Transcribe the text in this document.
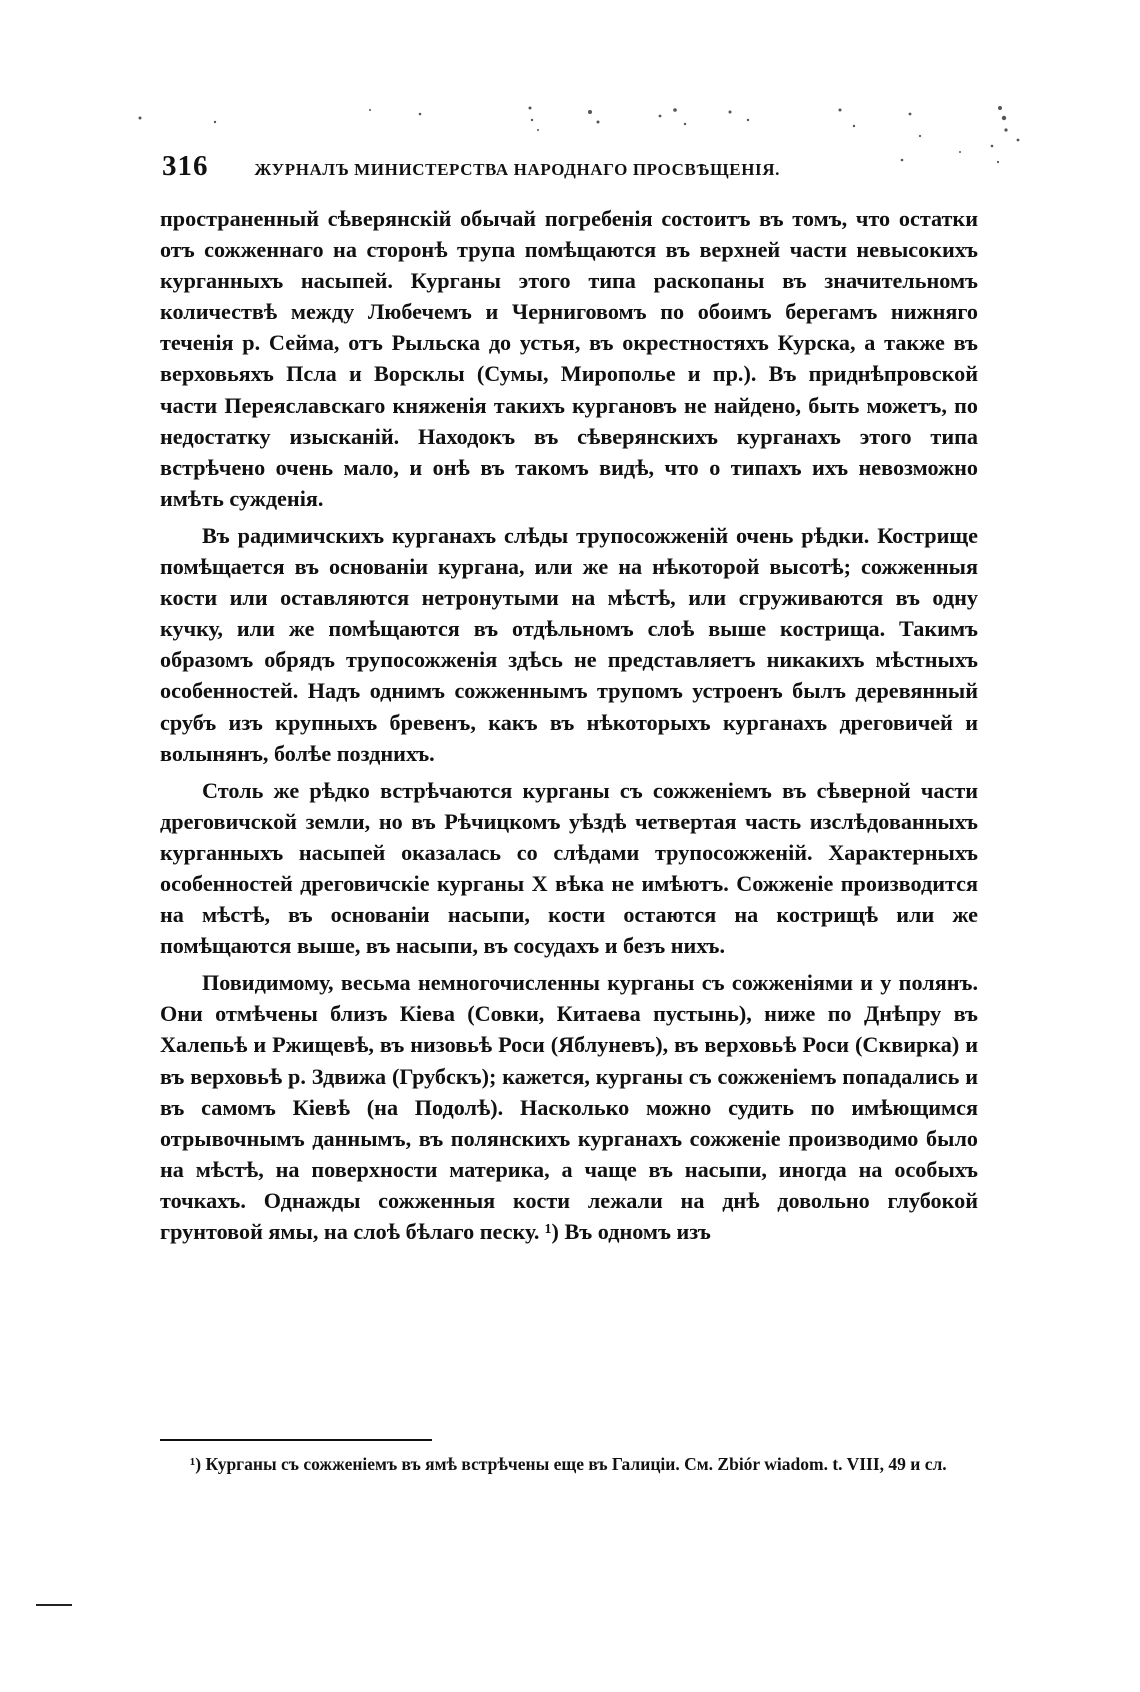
316	ЖУРНАЛЪ МИНИСТЕРСТВА НАРОДНАГО ПРОСВѢЩЕНІЯ.

пространенный сѣверянскій обычай погребенія состоитъ въ томъ, что остатки отъ сожженнаго на сторонѣ трупа помѣщаются въ верхней части невысокихъ курганныхъ насыпей. Курганы этого типа раскопаны въ значительномъ количествѣ между Любечемъ и Черниговомъ по обоимъ берегамъ нижняго теченія р. Сейма, отъ Рыльска до устья, въ окрестностяхъ Курска, а также въ верховьяхъ Псла и Ворсклы (Сумы, Мирополье и пр.). Въ приднѣпровской части Переяславскаго княженія такихъ кургановъ не найдено, быть можетъ, по недостатку изысканій. Находокъ въ сѣверянскихъ курганахъ этого типа встрѣчено очень мало, и онѣ въ такомъ видѣ, что о типахъ ихъ невозможно имѣть сужденія.

Въ радимичскихъ курганахъ слѣды трупосожженій очень рѣдки. Кострище помѣщается въ основаніи кургана, или же на нѣкоторой высотѣ; сожженныя кости или оставляются нетронутыми на мѣстѣ, или сгруживаются въ одну кучку, или же помѣщаются въ отдѣльномъ слоѣ выше кострища. Такимъ образомъ обрядъ трупосожженія здѣсь не представляетъ никакихъ мѣстныхъ особенностей. Надъ однимъ сожженнымъ трупомъ устроенъ былъ деревянный срубъ изъ крупныхъ бревенъ, какъ въ нѣкоторыхъ курганахъ дреговичей и волынянъ, болѣе позднихъ.

Столь же рѣдко встрѣчаются курганы съ сожженіемъ въ сѣверной части дреговичской земли, но въ Рѣчицкомъ уѣздѣ четвертая часть изслѣдованныхъ курганныхъ насыпей оказалась со слѣдами трупосожженій. Характерныхъ особенностей дреговичскіе курганы X вѣка не имѣютъ. Сожженіе производится на мѣстѣ, въ основаніи насыпи, кости остаются на кострищѣ или же помѣщаются выше, въ насыпи, въ сосудахъ и безъ нихъ.

Повидимому, весьма немногочисленны курганы съ сожженіями и у полянъ. Они отмѣчены близъ Кіева (Совки, Китаева пустынь), ниже по Днѣпру въ Халепьѣ и Ржищевѣ, въ низовьѣ Роси (Яблуневъ), въ верховьѣ Роси (Сквирка) и въ верховьѣ р. Здвижа (Грубскъ); кажется, курганы съ сожженіемъ попадались и въ самомъ Кіевѣ (на Подолѣ). Насколько можно судить по имѣющимся отрывочнымъ даннымъ, въ полянскихъ курганахъ сожженіе производимо было на мѣстѣ, на поверхности материка, а чаще въ насыпи, иногда на особыхъ точкахъ. Однажды сожженныя кости лежали на днѣ довольно глубокой грунтовой ямы, на слоѣ бѣлаго песку. ¹) Въ одномъ изъ

¹) Курганы съ сожженіемъ въ ямѣ встрѣчены еще въ Галиціи. См. Zbiór wiadom. t. VIII, 49 и сл.
